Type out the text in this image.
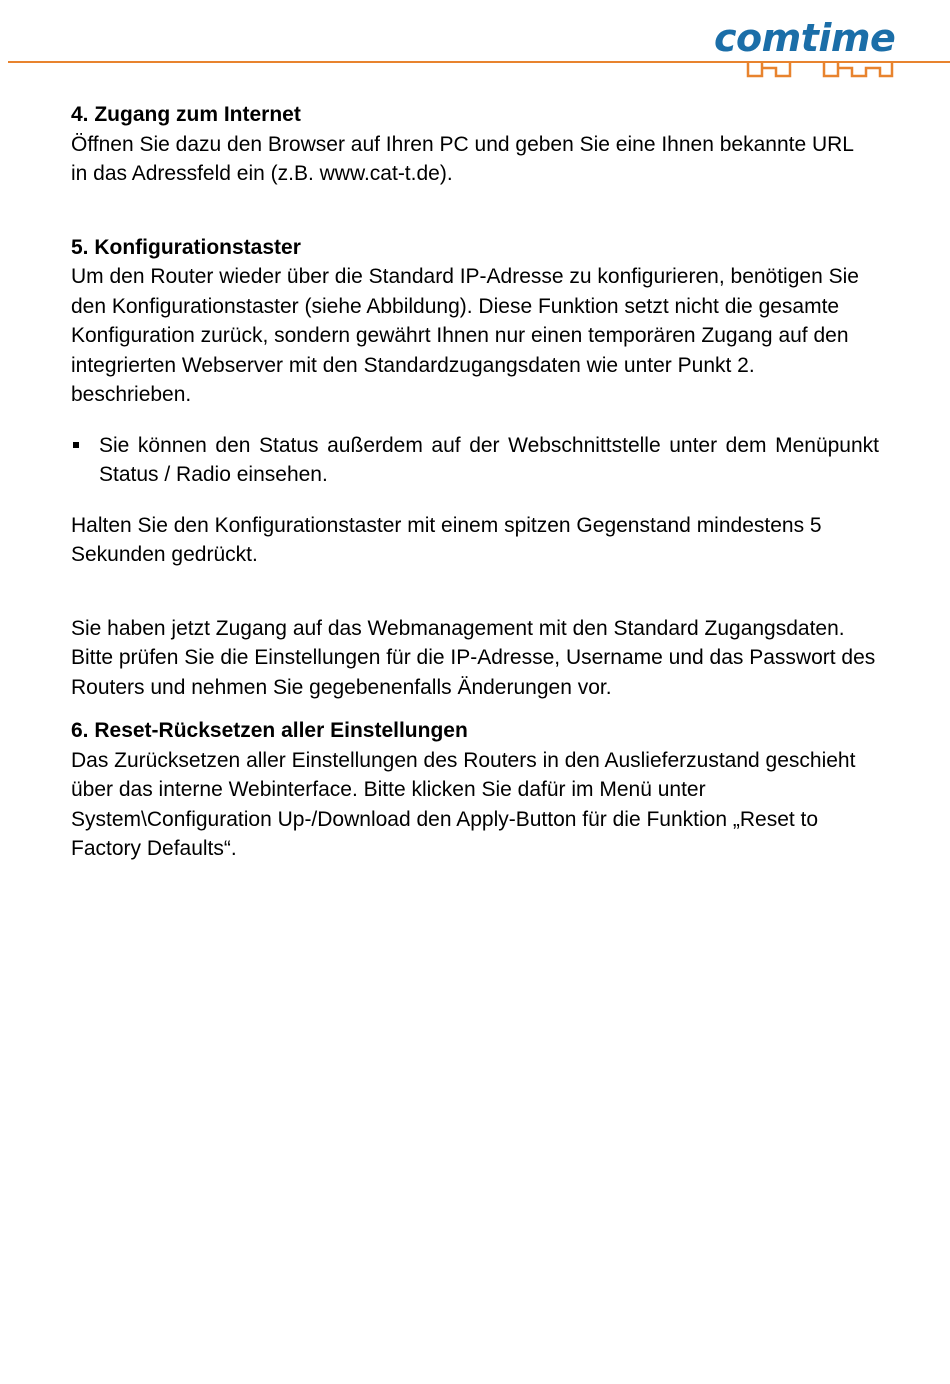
comtime

4. Zugang zum Internet

Öffnen Sie dazu den Browser auf Ihren PC und geben Sie eine Ihnen bekannte URL in das Adressfeld ein (z.B. www.cat-t.de).

5. Konfigurationstaster

Um den Router wieder über die Standard IP-Adresse zu konfigurieren, benötigen Sie den Konfigurationstaster (siehe Abbildung). Diese Funktion setzt nicht die gesamte Konfiguration zurück, sondern gewährt Ihnen nur einen temporären Zugang auf den integrierten Webserver mit den Standardzugangsdaten wie unter Punkt 2. beschrieben.

Sie können den Status außerdem auf der Webschnittstelle unter dem Menüpunkt Status / Radio einsehen.

Halten Sie den Konfigurationstaster mit einem spitzen Gegenstand mindestens 5 Sekunden gedrückt.

Sie haben jetzt Zugang auf das Webmanagement mit den Standard Zugangsdaten. Bitte prüfen Sie die Einstellungen für die IP-Adresse, Username und das Passwort des Routers und nehmen Sie gegebenenfalls Änderungen vor.

6. Reset-Rücksetzen aller Einstellungen

Das Zurücksetzen aller Einstellungen des Routers in den Auslieferzustand geschieht über das interne Webinterface. Bitte klicken Sie dafür im Menü unter System\Configuration Up-/Download den Apply-Button für die Funktion „Reset to Factory Defaults“.
